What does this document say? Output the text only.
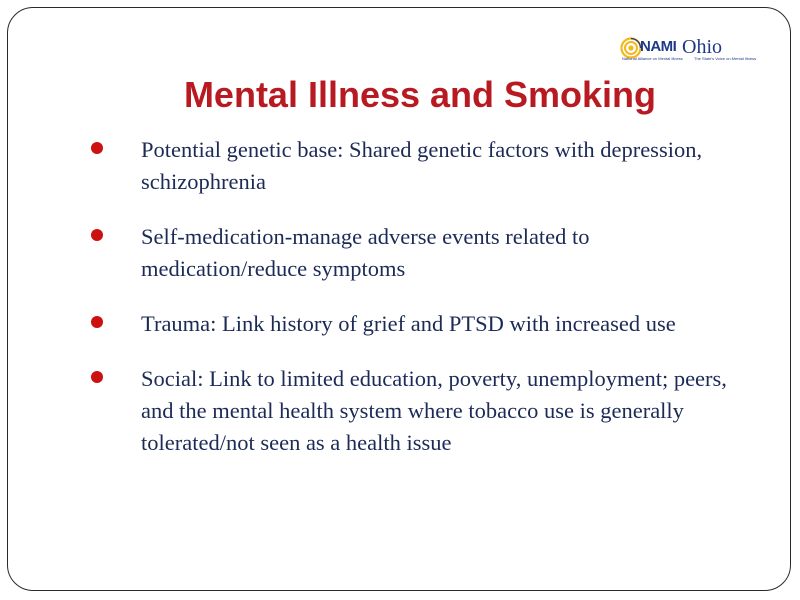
NAMI Ohio
National Alliance on Mental Illness	The State's Voice on Mental Illness
Mental Illness and Smoking
Potential genetic base: Shared genetic factors with depression, schizophrenia
Self-medication-manage adverse events related to medication/reduce symptoms
Trauma: Link history of grief and PTSD with increased use
Social: Link to limited education, poverty, unemployment; peers, and the mental health system where tobacco use is generally tolerated/not seen as a health issue
